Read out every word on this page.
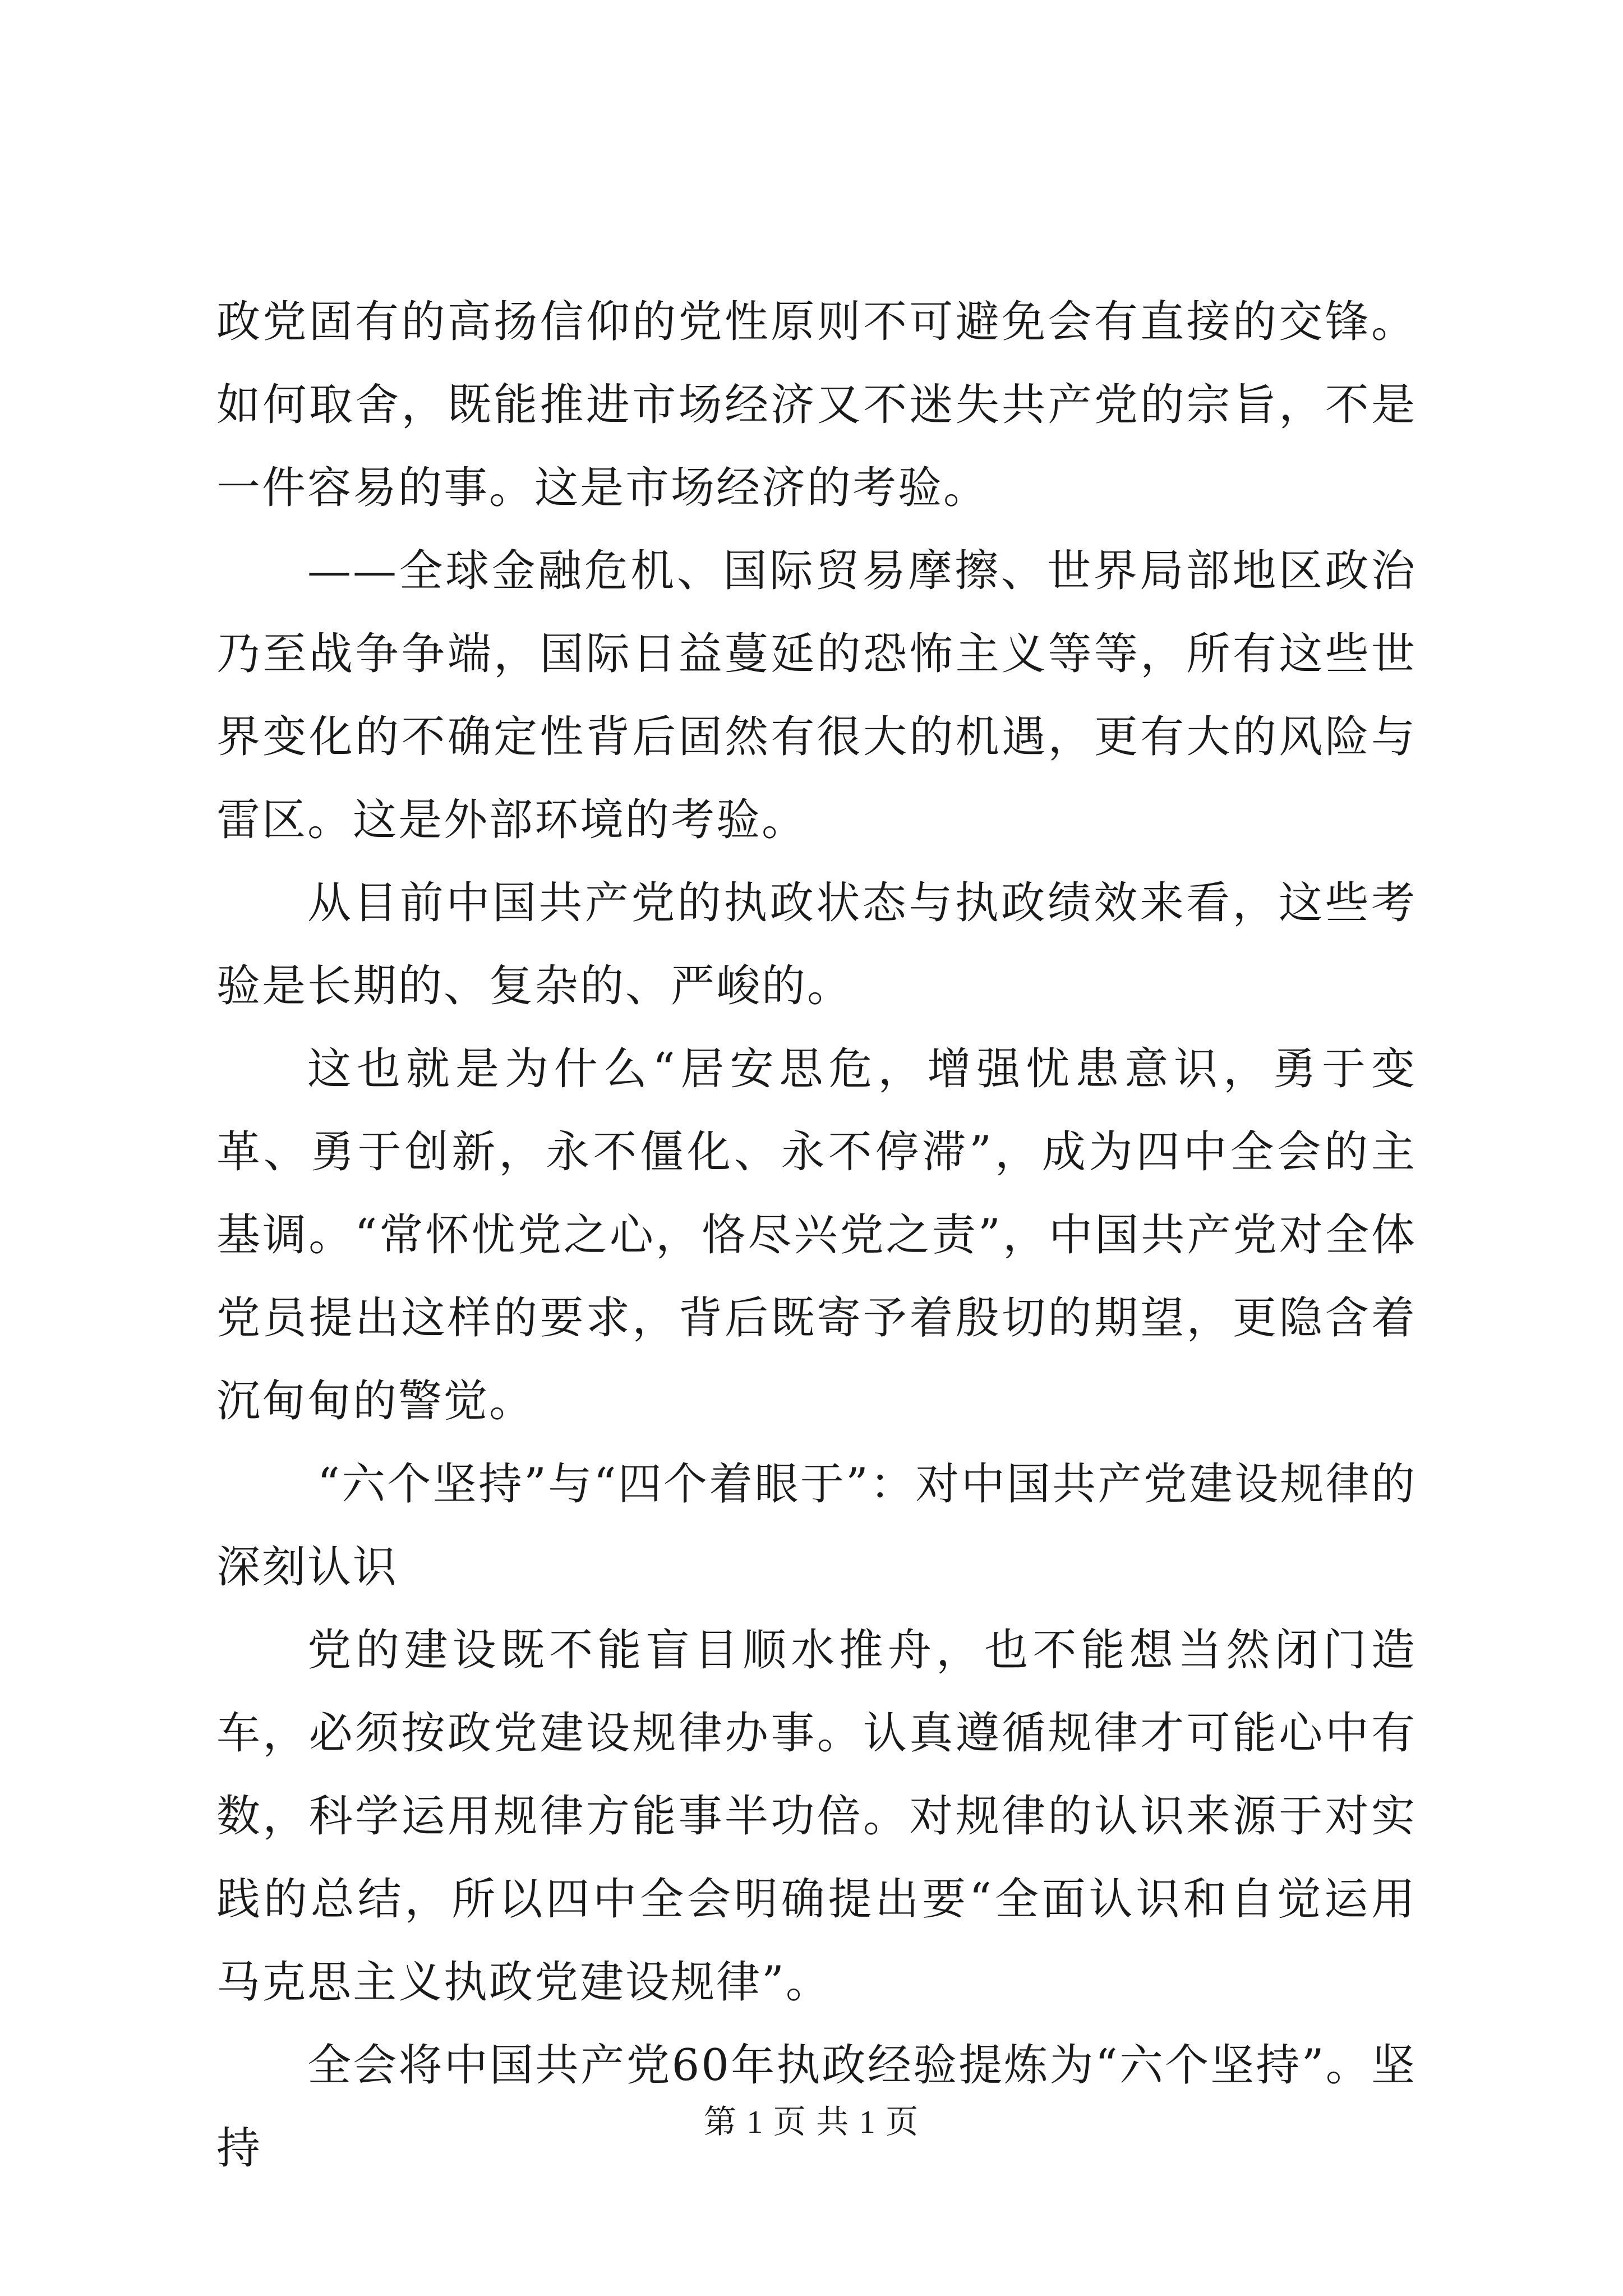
政党固有的高扬信仰的党性原则不可避免会有直接的交锋。如何取舍，既能推进市场经济又不迷失共产党的宗旨，不是一件容易的事。这是市场经济的考验。

——全球金融危机、国际贸易摩擦、世界局部地区政治乃至战争争端，国际日益蔓延的恐怖主义等等，所有这些世界变化的不确定性背后固然有很大的机遇，更有大的风险与雷区。这是外部环境的考验。

从目前中国共产党的执政状态与执政绩效来看，这些考验是长期的、复杂的、严峻的。

这也就是为什么“居安思危，增强忧患意识，勇于变革、勇于创新，永不僵化、永不停滞”，成为四中全会的主基调。“常怀忧党之心，恪尽兴党之责”，中国共产党对全体党员提出这样的要求，背后既寄予着殷切的期望，更隐含着沉甸甸的警觉。

“六个坚持”与“四个着眼于”：对中国共产党建设规律的深刻认识

党的建设既不能盲目顺水推舟，也不能想当然闭门造车，必须按政党建设规律办事。认真遵循规律才可能心中有数，科学运用规律方能事半功倍。对规律的认识来源于对实践的总结，所以四中全会明确提出要“全面认识和自觉运用马克思主义执政党建设规律”。

全会将中国共产党60年执政经验提炼为“六个坚持”。坚持

第 1 页 共 1 页
